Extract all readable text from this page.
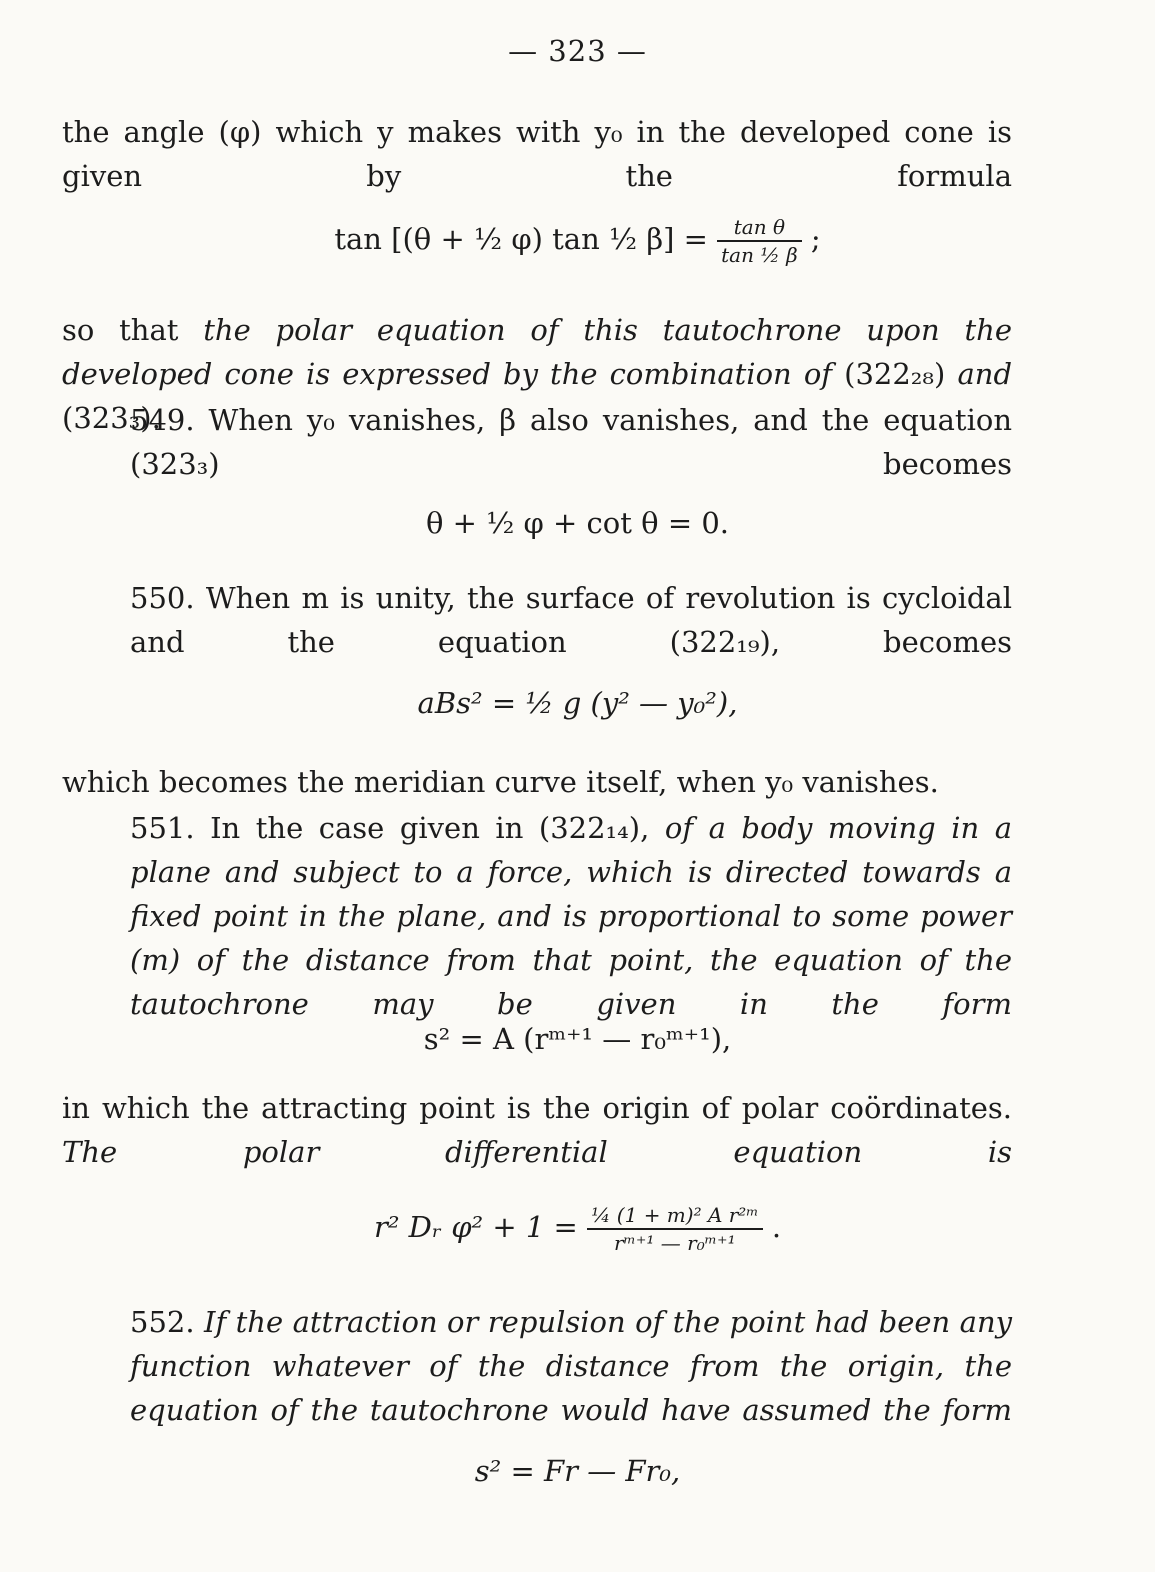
— 323 —
the angle (φ) which y makes with y₀ in the developed cone is given by the formula
tan [(θ + ½ φ) tan ½ $\beta] = \frac{\text{tan θ}}{\text{tan ½ β}}$ ;
so that the polar equation of this tautochrone upon the developed cone is expressed by the combination of (322₂₈) and (323₃).
549. When y₀ vanishes, β also vanishes, and the equation (323₃) becomes
θ + ½ φ + cot θ = 0.
550. When m is unity, the surface of revolution is cycloidal and the equation (322₁₉), becomes
aBs² = ½ g (y² — y₀²),
which becomes the meridian curve itself, when y₀ vanishes.
551. In the case given in (322₁₄), of a body moving in a plane and subject to a force, which is directed towards a fixed point in the plane, and is proportional to some power (m) of the distance from that point, the equation of the tautochrone may be given in the form
s² = A (rᵐ⁺¹ — r₀ᵐ⁺¹),
in which the attracting point is the origin of polar coördinates. The polar differential equation is
r² Dᵣ $\varphi^2 + 1 = \frac{\text{¼ (1 + m)² A r²ᵐ}}{\text{rᵐ⁺¹ — r₀ᵐ⁺¹}}$ .
552. If the attraction or repulsion of the point had been any function whatever of the distance from the origin, the equation of the tautochrone would have assumed the form
s² = Fr — Fr₀,
